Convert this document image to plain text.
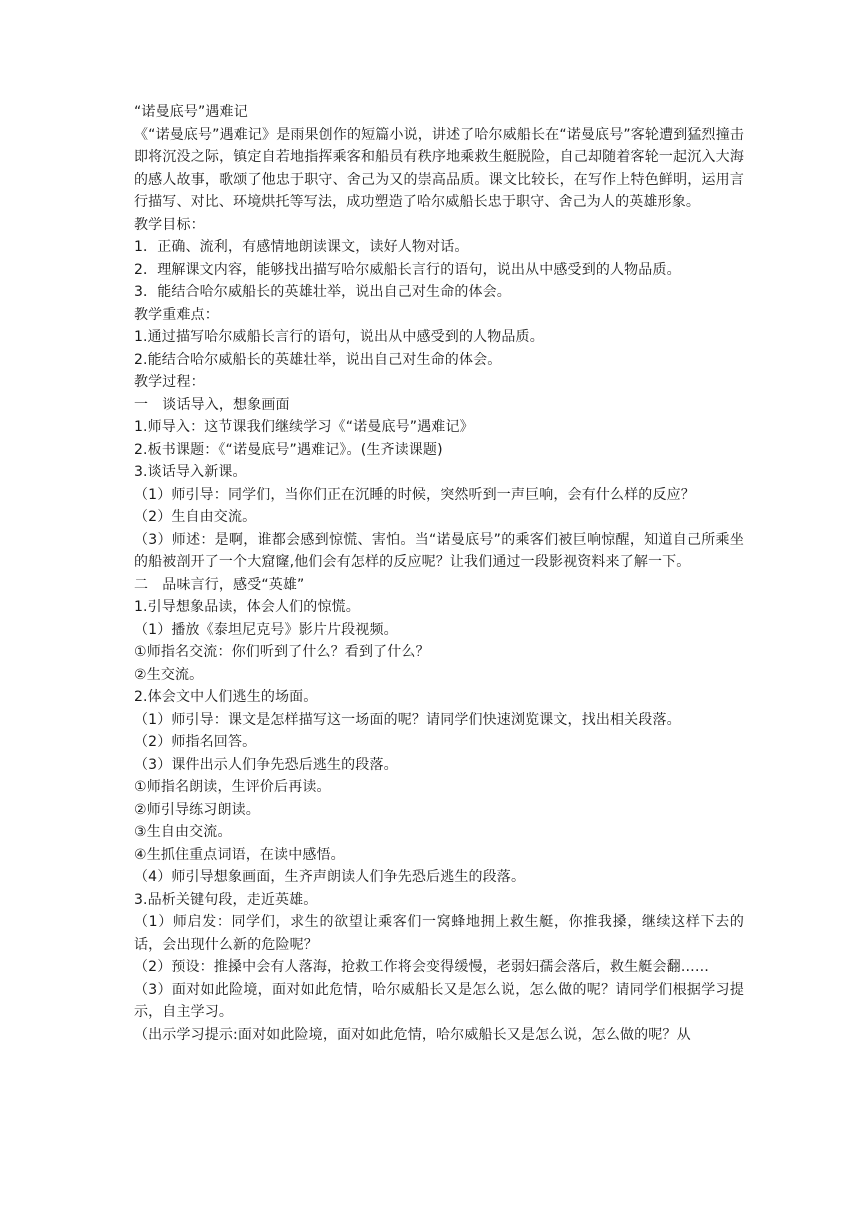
“诺曼底号”遇难记

《“诺曼底号”遇难记》是雨果创作的短篇小说，讲述了哈尔威船长在“诺曼底号”客轮遭到猛烈撞击即将沉没之际，镇定自若地指挥乘客和船员有秩序地乘救生艇脱险，自己却随着客轮一起沉入大海的感人故事，歌颂了他忠于职守、舍己为又的崇高品质。课文比较长，在写作上特色鲜明，运用言行描写、对比、环境烘托等写法，成功塑造了哈尔威船长忠于职守、舍己为人的英雄形象。

教学目标：

1．正确、流利，有感情地朗读课文，读好人物对话。

2．理解课文内容，能够找出描写哈尔威船长言行的语句，说出从中感受到的人物品质。

3．能结合哈尔威船长的英雄壮举，说出自己对生命的体会。

教学重难点：

1.通过描写哈尔威船长言行的语句，说出从中感受到的人物品质。

2.能结合哈尔威船长的英雄壮举，说出自己对生命的体会。

教学过程：

一　谈话导入，想象画面

1.师导入：这节课我们继续学习《“诺曼底号”遇难记》

2.板书课题：《“诺曼底号”遇难记》。(生齐读课题)

3.谈话导入新课。

（1）师引导：同学们，当你们正在沉睡的时候，突然听到一声巨响，会有什么样的反应？

（2）生自由交流。

（3）师述：是啊，谁都会感到惊慌、害怕。当“诺曼底号”的乘客们被巨响惊醒，知道自己所乘坐的船被剖开了一个大窟窿,他们会有怎样的反应呢？让我们通过一段影视资料来了解一下。

二　品味言行，感受“英雄”

1.引导想象品读，体会人们的惊慌。

（1）播放《泰坦尼克号》影片片段视频。

①师指名交流：你们听到了什么？看到了什么？

②生交流。

2.体会文中人们逃生的场面。

（1）师引导：课文是怎样描写这一场面的呢？请同学们快速浏览课文，找出相关段落。

（2）师指名回答。

（3）课件出示人们争先恐后逃生的段落。

①师指名朗读，生评价后再读。

②师引导练习朗读。

③生自由交流。

④生抓住重点词语，在读中感悟。

（4）师引导想象画面，生齐声朗读人们争先恐后逃生的段落。

3.品析关键句段，走近英雄。

（1）师启发：同学们，求生的欲望让乘客们一窝蜂地拥上救生艇，你推我搡，继续这样下去的话，会出现什么新的危险呢？

（2）预设：推搡中会有人落海，抢救工作将会变得缓慢，老弱妇孺会落后，救生艇会翻……

（3）面对如此险境，面对如此危情，哈尔威船长又是怎么说，怎么做的呢？请同学们根据学习提示，自主学习。

（出示学习提示:面对如此险境，面对如此危情，哈尔威船长又是怎么说，怎么做的呢？从
